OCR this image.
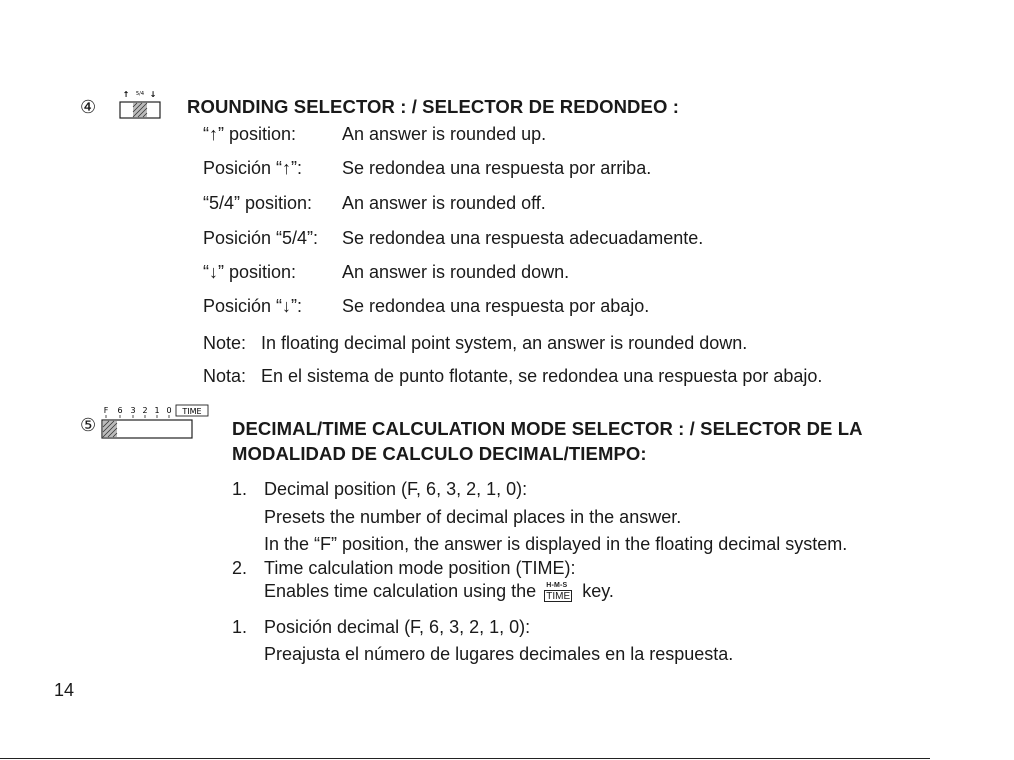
④
↑ 5/4 ↓
ROUNDING SELECTOR : / SELECTOR DE REDONDEO :
“↑” position:	An answer is rounded up.
Posición “↑”: Se redondea una respuesta por arriba.
“5/4” position: An answer is rounded off.
Posición “5/4”: Se redondea una respuesta adecuadamente.
“↓” position:	An answer is rounded down.
Posición “↓”: Se redondea una respuesta por abajo.
Note: In floating decimal point system, an answer is rounded down.
Nota: En el sistema de punto flotante, se redondea una respuesta por abajo.
⑤
F 6 3 2 1 0 TIME
DECIMAL/TIME CALCULATION MODE SELECTOR : / SELECTOR DE LA
MODALIDAD DE CALCULO DECIMAL/TIEMPO:
1. Decimal position (F, 6, 3, 2, 1, 0):
Presets the number of decimal places in the answer.
In the “F” position, the answer is displayed in the floating decimal system.
2. Time calculation mode position (TIME):
Enables time calculation using the H-M-S
TIME key.
1. Posición decimal (F, 6, 3, 2, 1, 0):
Preajusta el número de lugares decimales en la respuesta.
14
